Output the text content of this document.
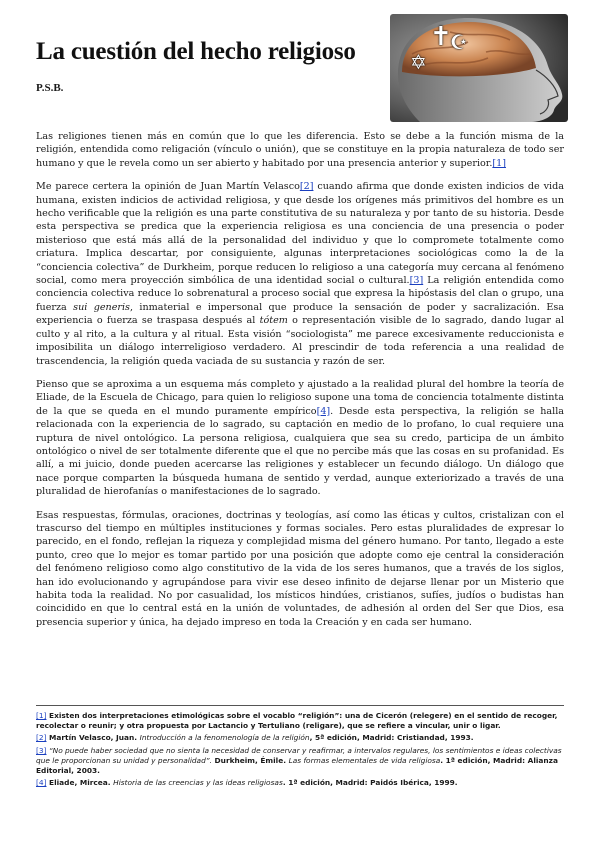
La cuestión del hecho religioso
P.S.B.
✡
✝
☪

Las religiones tienen más en común que lo que les diferencia. Esto se debe a la función misma de la religión, entendida como religación (vínculo o unión), que se constituye en la propia naturaleza de todo ser humano y que le revela como un ser abierto y habitado por una presencia anterior y superior.[1]

Me parece certera la opinión de Juan Martín Velasco[2] cuando afirma que donde existen indicios de vida humana, existen indicios de actividad religiosa, y que desde los orígenes más primitivos del hombre es un hecho verificable que la religión es una parte constitutiva de su naturaleza y por tanto de su historia. Desde esta perspectiva se predica que la experiencia religiosa es una conciencia de una presencia o poder misterioso que está más allá de la personalidad del individuo y que lo compromete totalmente como criatura. Implica descartar, por consiguiente, algunas interpretaciones sociológicas como la de la “conciencia colectiva” de Durkheim, porque reducen lo religioso a una categoría muy cercana al fenómeno social, como mera proyección simbólica de una identidad social o cultural.[3] La religión entendida como conciencia colectiva reduce lo sobrenatural a proceso social que expresa la hipóstasis del clan o grupo, una fuerza sui generis, inmaterial e impersonal que produce la sensación de poder y sacralización. Esa experiencia o fuerza se traspasa después al tótem o representación visible de lo sagrado, dando lugar al culto y al rito, a la cultura y al ritual. Esta visión “sociologista” me parece excesivamente reduccionista e imposibilita un diálogo interreligioso verdadero. Al prescindir de toda referencia a una realidad de trascendencia, la religión queda vaciada de su sustancia y razón de ser.

Pienso que se aproxima a un esquema más completo y ajustado a la realidad plural del hombre la teoría de Eliade, de la Escuela de Chicago, para quien lo religioso supone una toma de conciencia totalmente distinta de la que se queda en el mundo puramente empírico[4]. Desde esta perspectiva, la religión se halla relacionada con la experiencia de lo sagrado, su captación en medio de lo profano, lo cual requiere una ruptura de nivel ontológico. La persona religiosa, cualquiera que sea su credo, participa de un ámbito ontológico o nivel de ser totalmente diferente que el que no percibe más que las cosas en su profanidad. Es allí, a mi juicio, donde pueden acercarse las religiones y establecer un fecundo diálogo. Un diálogo que nace porque comparten la búsqueda humana de sentido y verdad, aunque exteriorizado a través de una pluralidad de hierofanías o manifestaciones de lo sagrado.

Esas respuestas, fórmulas, oraciones, doctrinas y teologías, así como las éticas y cultos, cristalizan con el trascurso del tiempo en múltiples instituciones y formas sociales. Pero estas pluralidades de expresar lo parecido, en el fondo, reflejan la riqueza y complejidad misma del género humano. Por tanto, llegado a este punto, creo que lo mejor es tomar partido por una posición que adopte como eje central la consideración del fenómeno religioso como algo constitutivo de la vida de los seres humanos, que a través de los siglos, han ido evolucionando y agrupándose para vivir ese deseo infinito de dejarse llenar por un Misterio que habita toda la realidad. No por casualidad, los místicos hindúes, cristianos, sufíes, judíos o budistas han coincidido en que lo central está en la unión de voluntades, de adhesión al orden del Ser que Dios, esa presencia superior y única, ha dejado impreso en toda la Creación y en cada ser humano.

[1] Existen dos interpretaciones etimológicas sobre el vocablo “religión”: una de Cicerón (relegere) en el sentido de recoger, recolectar o reunir; y otra propuesta por Lactancio y Tertuliano (religare), que se refiere a vincular, unir o ligar.
[2] Martín Velasco, Juan. Introducción a la fenomenología de la religión, 5ª edición, Madrid: Cristiandad, 1993.
[3] “No puede haber sociedad que no sienta la necesidad de conservar y reafirmar, a intervalos regulares, los sentimientos e ideas colectivas que le proporcionan su unidad y personalidad”. Durkheim, Émile. Las formas elementales de vida religiosa. 1ª edición, Madrid: Alianza Editorial, 2003.
[4] Eliade, Mircea. Historia de las creencias y las ideas religiosas. 1ª edición, Madrid: Paidós Ibérica, 1999.
